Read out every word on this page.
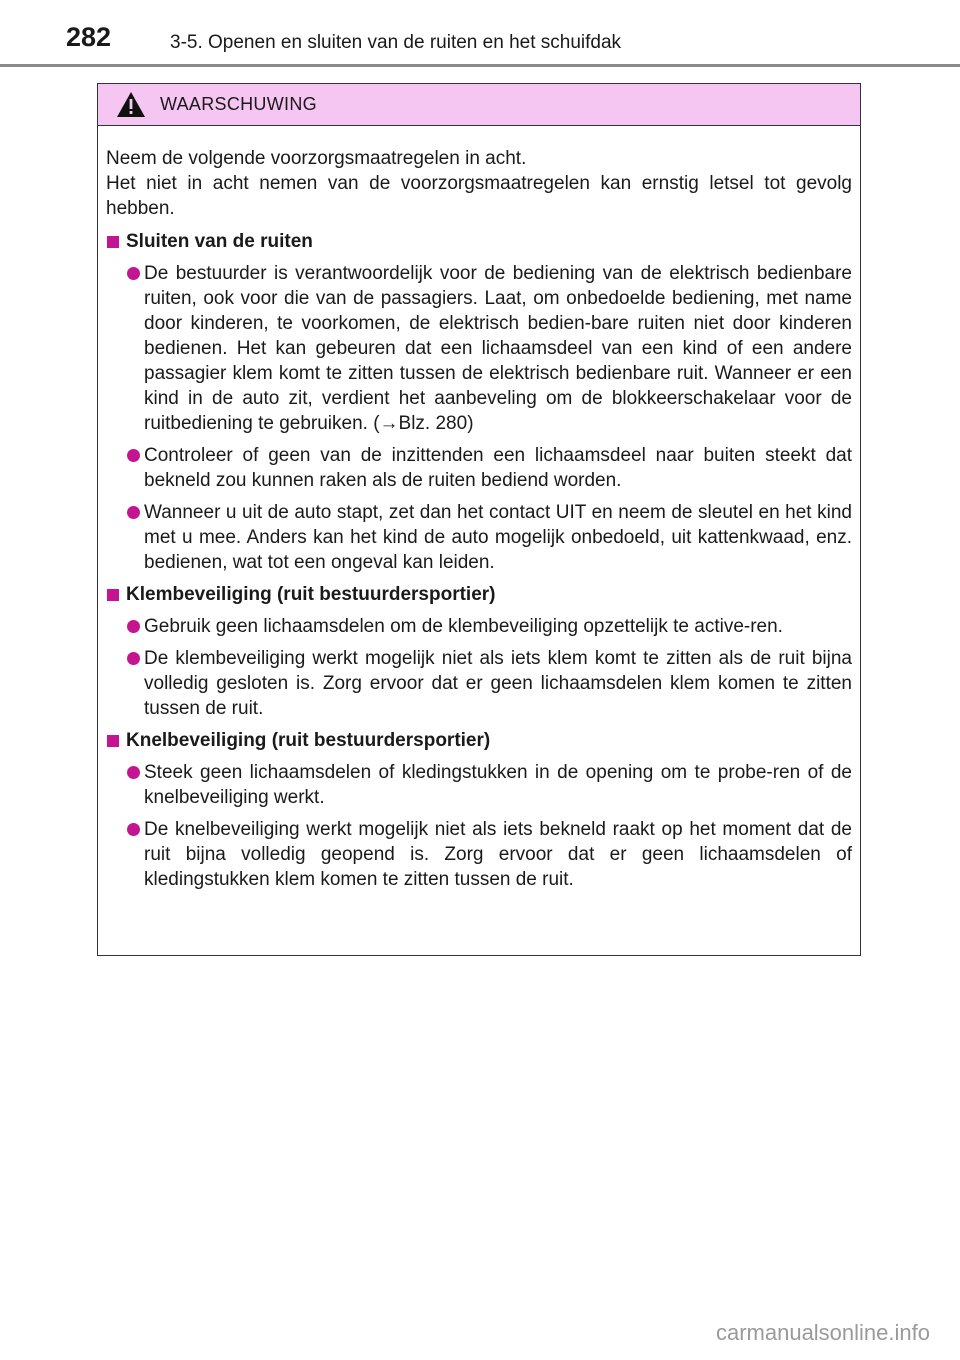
282	3-5. Openen en sluiten van de ruiten en het schuifdak
WAARSCHUWING
Neem de volgende voorzorgsmaatregelen in acht.
Het niet in acht nemen van de voorzorgsmaatregelen kan ernstig letsel tot gevolg hebben.
Sluiten van de ruiten
De bestuurder is verantwoordelijk voor de bediening van de elektrisch bedienbare ruiten, ook voor die van de passagiers. Laat, om onbedoelde bediening, met name door kinderen, te voorkomen, de elektrisch bedien-bare ruiten niet door kinderen bedienen. Het kan gebeuren dat een lichaamsdeel van een kind of een andere passagier klem komt te zitten tussen de elektrisch bedienbare ruit. Wanneer er een kind in de auto zit, verdient het aanbeveling om de blokkeerschakelaar voor de ruitbediening te gebruiken. (→Blz. 280)
Controleer of geen van de inzittenden een lichaamsdeel naar buiten steekt dat bekneld zou kunnen raken als de ruiten bediend worden.
Wanneer u uit de auto stapt, zet dan het contact UIT en neem de sleutel en het kind met u mee. Anders kan het kind de auto mogelijk onbedoeld, uit kattenkwaad, enz. bedienen, wat tot een ongeval kan leiden.
Klembeveiliging (ruit bestuurdersportier)
Gebruik geen lichaamsdelen om de klembeveiliging opzettelijk te active-ren.
De klembeveiliging werkt mogelijk niet als iets klem komt te zitten als de ruit bijna volledig gesloten is. Zorg ervoor dat er geen lichaamsdelen klem komen te zitten tussen de ruit.
Knelbeveiliging (ruit bestuurdersportier)
Steek geen lichaamsdelen of kledingstukken in de opening om te probe-ren of de knelbeveiliging werkt.
De knelbeveiliging werkt mogelijk niet als iets bekneld raakt op het moment dat de ruit bijna volledig geopend is. Zorg ervoor dat er geen lichaamsdelen of kledingstukken klem komen te zitten tussen de ruit.
carmanualsonline.info
